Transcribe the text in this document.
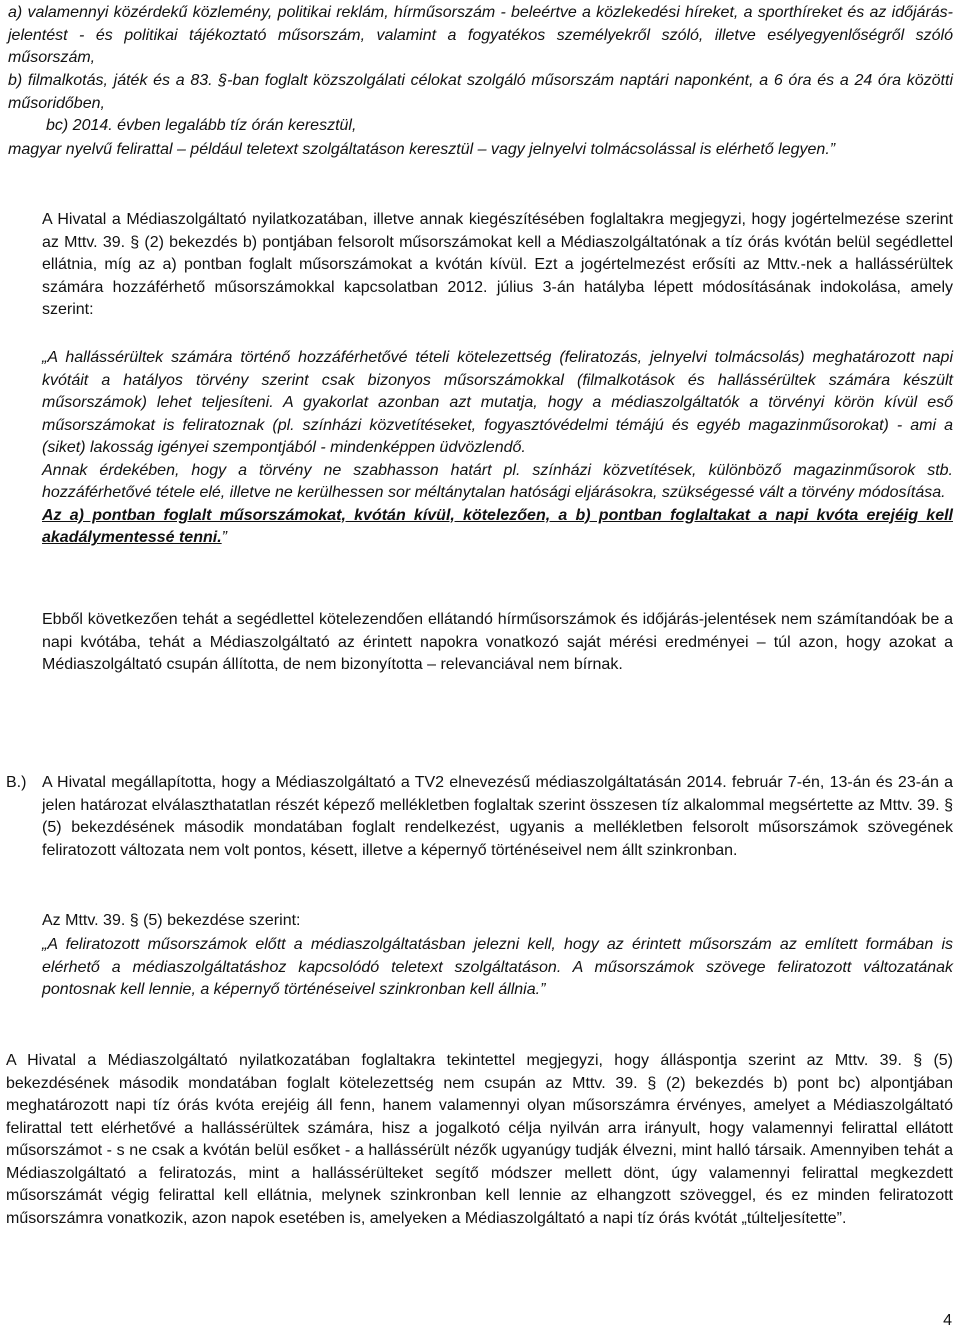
a) valamennyi közérdekű közlemény, politikai reklám, hírműsorszám - beleértve a közlekedési híreket, a sporthíreket és az időjárás-jelentést - és politikai tájékoztató műsorszám, valamint a fogyatékos személyekről szóló, illetve esélyegyenlőségről szóló műsorszám,

b) filmalkotás, játék és a 83. §-ban foglalt közszolgálati célokat szolgáló műsorszám naptári naponként, a 6 óra és a 24 óra közötti műsoridőben,

bc) 2014. évben legalább tíz órán keresztül,

magyar nyelvű felirattal – például teletext szolgáltatáson keresztül – vagy jelnyelvi tolmácsolással is elérhető legyen.”

A Hivatal a Médiaszolgáltató nyilatkozatában, illetve annak kiegészítésében foglaltakra megjegyzi, hogy jogértelmezése szerint az Mttv. 39. § (2) bekezdés b) pontjában felsorolt műsorszámokat kell a Médiaszolgáltatónak a tíz órás kvótán belül segédlettel ellátnia, míg az a) pontban foglalt műsorszámokat a kvótán kívül. Ezt a jogértelmezést erősíti az Mttv.-nek a hallássérültek számára hozzáférhető műsorszámokkal kapcsolatban 2012. július 3-án hatályba lépett módosításának indokolása, amely szerint:

„A hallássérültek számára történő hozzáférhetővé tételi kötelezettség (feliratozás, jelnyelvi tolmácsolás) meghatározott napi kvótáit a hatályos törvény szerint csak bizonyos műsorszámokkal (filmalkotások és hallássérültek számára készült műsorszámok) lehet teljesíteni. A gyakorlat azonban azt mutatja, hogy a médiaszolgáltatók a törvényi körön kívül eső műsorszámokat is feliratoznak (pl. színházi közvetítéseket, fogyasztóvédelmi témájú és egyéb magazinműsorokat) - ami a (siket) lakosság igényei szempontjából - mindenképpen üdvözlendő.
Annak érdekében, hogy a törvény ne szabhasson határt pl. színházi közvetítések, különböző magazinműsorok stb. hozzáférhetővé tétele elé, illetve ne kerülhessen sor méltánytalan hatósági eljárásokra, szükségessé vált a törvény módosítása.
Az a) pontban foglalt műsorszámokat, kvótán kívül, kötelezően, a b) pontban foglaltakat a napi kvóta erejéig kell akadálymentessé tenni.”

Ebből következően tehát a segédlettel kötelezendően ellátandó hírműsorszámok és időjárás-jelentések nem számítandóak be a napi kvótába, tehát a Médiaszolgáltató az érintett napokra vonatkozó saját mérési eredményei – túl azon, hogy azokat a Médiaszolgáltató csupán állította, de nem bizonyította – relevanciával nem bírnak.

B.) A Hivatal megállapította, hogy a Médiaszolgáltató a TV2 elnevezésű médiaszolgáltatásán 2014. február 7-én, 13-án és 23-án a jelen határozat elválaszthatatlan részét képező mellékletben foglaltak szerint összesen tíz alkalommal megsértette az Mttv. 39. § (5) bekezdésének második mondatában foglalt rendelkezést, ugyanis a mellékletben felsorolt műsorszámok szövegének feliratozott változata nem volt pontos, késett, illetve a képernyő történéseivel nem állt szinkronban.

Az Mttv. 39. § (5) bekezdése szerint:

„A feliratozott műsorszámok előtt a médiaszolgáltatásban jelezni kell, hogy az érintett műsorszám az említett formában is elérhető a médiaszolgáltatáshoz kapcsolódó teletext szolgáltatáson. A műsorszámok szövege feliratozott változatának pontosnak kell lennie, a képernyő történéseivel szinkronban kell állnia.”

A Hivatal a Médiaszolgáltató nyilatkozatában foglaltakra tekintettel megjegyzi, hogy álláspontja szerint az Mttv. 39. § (5) bekezdésének második mondatában foglalt kötelezettség nem csupán az Mttv. 39. § (2) bekezdés b) pont bc) alpontjában meghatározott napi tíz órás kvóta erejéig áll fenn, hanem valamennyi olyan műsorszámra érvényes, amelyet a Médiaszolgáltató felirattal tett elérhetővé a hallássérültek számára, hisz a jogalkotó célja nyilván arra irányult, hogy valamennyi felirattal ellátott műsorszámot - s ne csak a kvótán belül esőket - a hallássérült nézők ugyanúgy tudják élvezni, mint halló társaik. Amennyiben tehát a Médiaszolgáltató a feliratozás, mint a hallássérülteket segítő módszer mellett dönt, úgy valamennyi felirattal megkezdett műsorszámát végig felirattal kell ellátnia, melynek szinkronban kell lennie az elhangzott szöveggel, és ez minden feliratozott műsorszámra vonatkozik, azon napok esetében is, amelyeken a Médiaszolgáltató a napi tíz órás kvótát „túlteljesítette”.

4
